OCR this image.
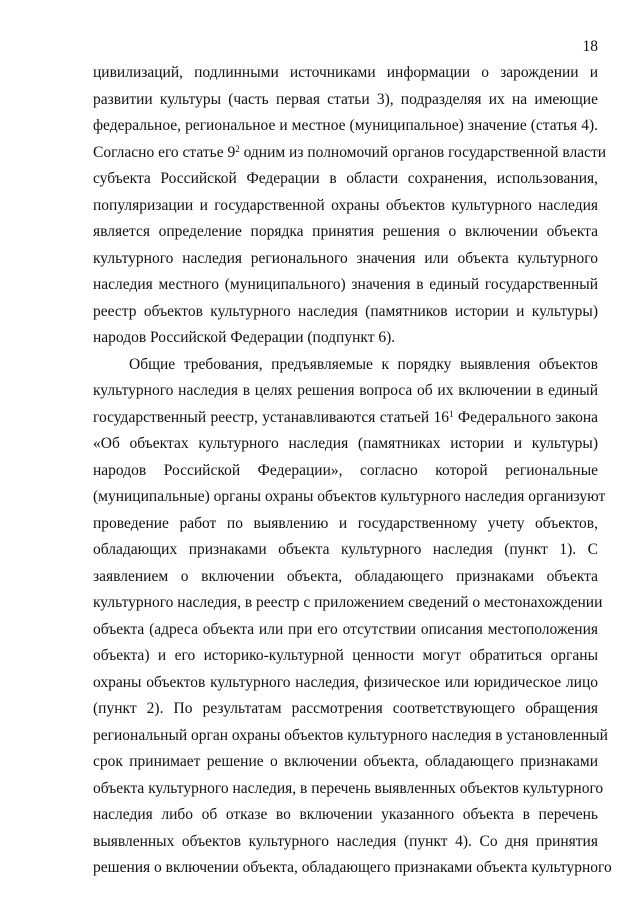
18
цивилизаций, подлинными источниками информации о зарождении и
развитии культуры (часть первая статьи 3), подразделяя их на имеющие
федеральное, региональное и местное (муниципальное) значение (статья 4).
Согласно его статье $9^2$ одним из полномочий органов государственной власти
субъекта Российской Федерации в области сохранения, использования,
популяризации и государственной охраны объектов культурного наследия
является определение порядка принятия решения о включении объекта
культурного наследия регионального значения или объекта культурного
наследия местного (муниципального) значения в единый государственный
реестр объектов культурного наследия (памятников истории и культуры)
народов Российской Федерации (подпункт 6).
Общие требования, предъявляемые к порядку выявления объектов
культурного наследия в целях решения вопроса об их включении в единый
государственный реестр, устанавливаются статьей $16^1$ Федерального закона
«Об объектах культурного наследия (памятниках истории и культуры)
народов Российской Федерации», согласно которой региональные
(муниципальные) органы охраны объектов культурного наследия организуют
проведение работ по выявлению и государственному учету объектов,
обладающих признаками объекта культурного наследия (пункт 1). С
заявлением о включении объекта, обладающего признаками объекта
культурного наследия, в реестр с приложением сведений о местонахождении
объекта (адреса объекта или при его отсутствии описания местоположения
объекта) и его историко-культурной ценности могут обратиться органы
охраны объектов культурного наследия, физическое или юридическое лицо
(пункт 2). По результатам рассмотрения соответствующего обращения
региональный орган охраны объектов культурного наследия в установленный
срок принимает решение о включении объекта, обладающего признаками
объекта культурного наследия, в перечень выявленных объектов культурного
наследия либо об отказе во включении указанного объекта в перечень
выявленных объектов культурного наследия (пункт 4). Со дня принятия
решения о включении объекта, обладающего признаками объекта культурного
